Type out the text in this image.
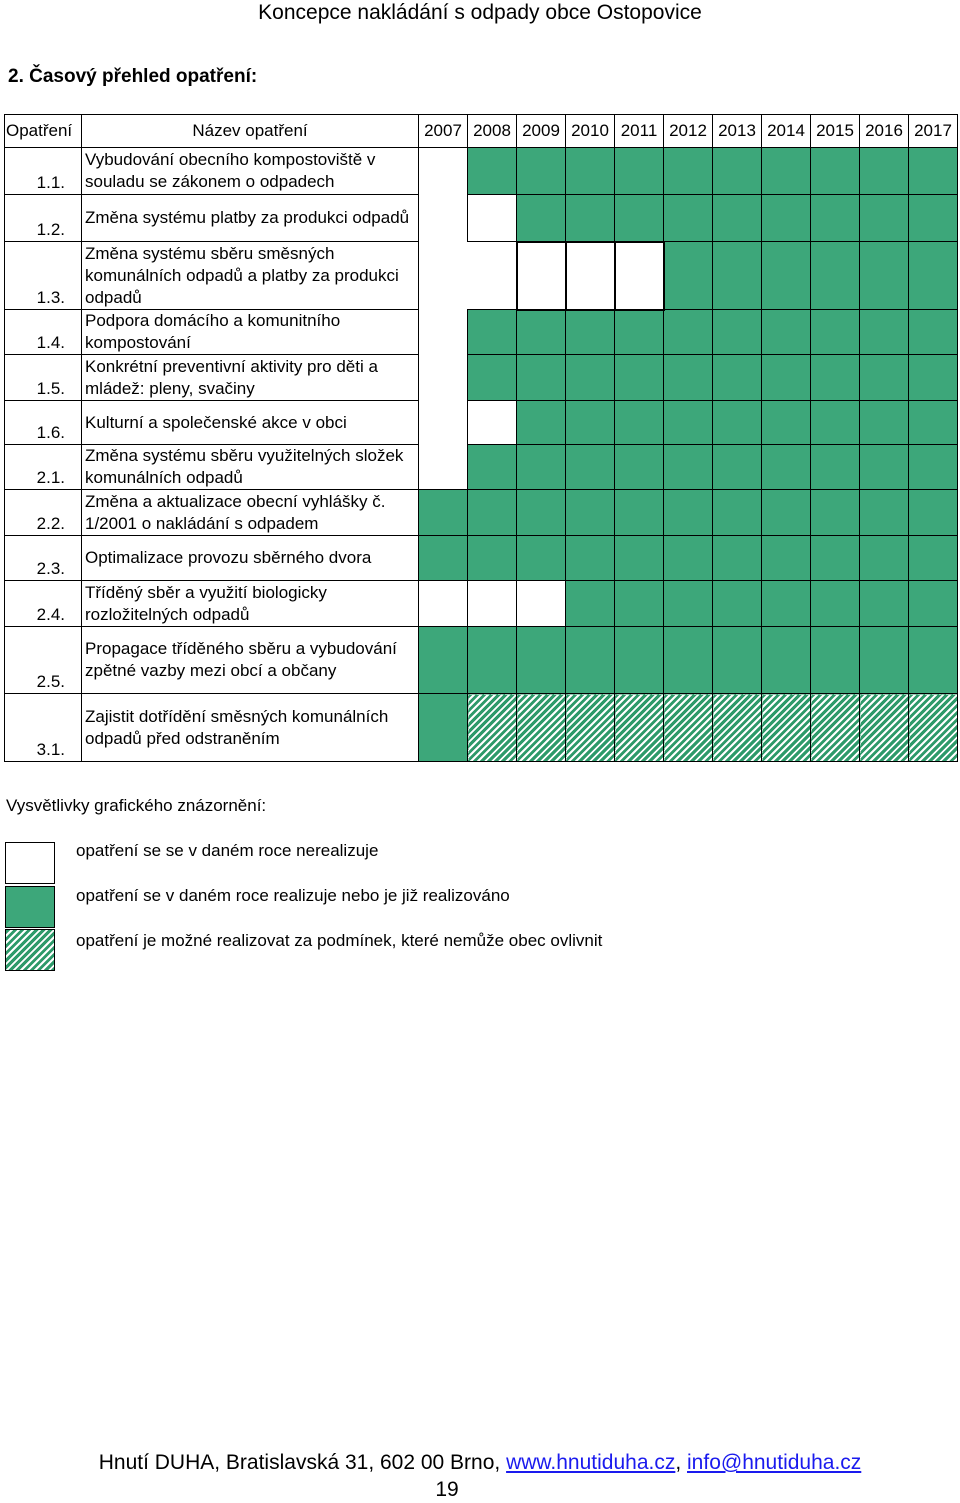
Koncepce nakládání s odpady obce Ostopovice
2. Časový přehled opatření:
Opatření	Název opatření	2007	2008	2009	2010	2011	2012	2013	2014	2015	2016	2017
1.1.	Vybudování obecního kompostoviště v souladu se zákonem o odpadech											
1.2.	Změna systému platby za produkci odpadů											
1.3.	Změna systému sběru směsných komunálních odpadů a platby za produkci odpadů											
1.4.	Podpora domácího a komunitního kompostování											
1.5.	Konkrétní preventivní aktivity pro děti a mládež: pleny, svačiny											
1.6.	Kulturní a společenské akce v obci											
2.1.	Změna systému sběru využitelných složek komunálních odpadů											
2.2.	Změna a aktualizace obecní vyhlášky č. 1/2001 o nakládání s odpadem											
2.3.	Optimalizace provozu sběrného dvora											
2.4.	Tříděný sběr a využití biologicky rozložitelných odpadů											
2.5.	Propagace tříděného sběru a vybudování zpětné vazby mezi obcí a občany											
3.1.	Zajistit dotřídění směsných komunálních odpadů před odstraněním											
Vysvětlivky grafického znázornění:
opatření se se v daném roce nerealizuje
opatření se v daném roce realizuje nebo je již realizováno
opatření je možné realizovat za podmínek, které nemůže obec ovlivnit
Hnutí DUHA, Bratislavská 31, 602 00 Brno, www.hnutiduha.cz, info@hnutiduha.cz
19
